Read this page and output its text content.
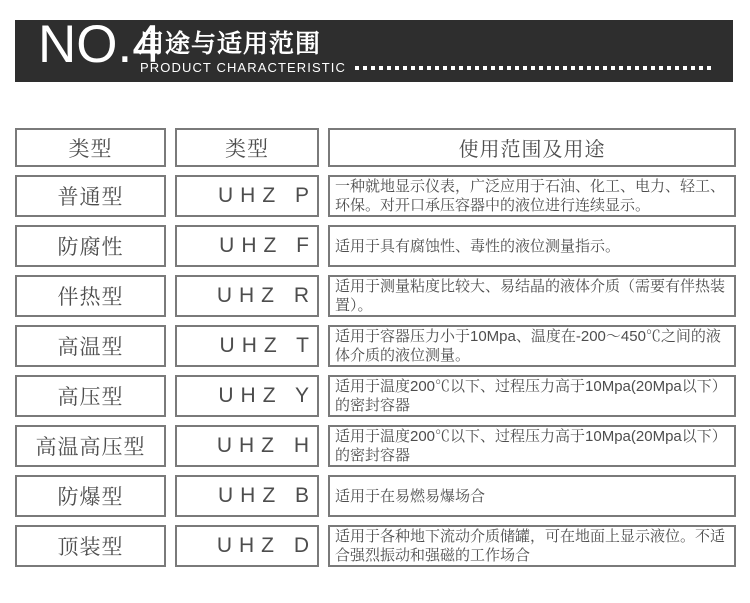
NO.4
用途与适用范围
PRODUCT CHARACTERISTIC
类型	类型	使用范围及用途
普通型	UHZ P	一种就地显示仪表，广泛应用于石油、化工、电力、轻工、环保。对开口承压容器中的液位进行连续显示。
防腐性	UHZ F	适用于具有腐蚀性、毒性的液位测量指示。
伴热型	UHZ R	适用于测量粘度比较大、易结晶的液体介质（需要有伴热装置）。
高温型	UHZ T	适用于容器压力小于10Mpa、温度在-200～450℃之间的液体介质的液位测量。
高压型	UHZ Y	适用于温度200℃以下、过程压力高于10Mpa(20Mpa以下）的密封容器
高温高压型	UHZ H	适用于温度200℃以下、过程压力高于10Mpa(20Mpa以下）的密封容器
防爆型	UHZ B	适用于在易燃易爆场合
顶装型	UHZ D	适用于各种地下流动介质储罐，可在地面上显示液位。不适合强烈振动和强磁的工作场合
